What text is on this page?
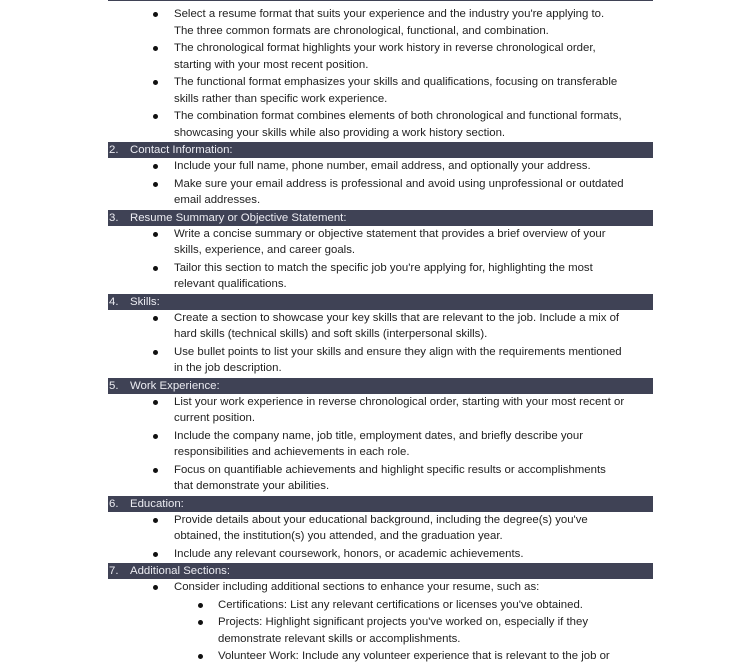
Select a resume format that suits your experience and the industry you're applying to.
The three common formats are chronological, functional, and combination.
The chronological format highlights your work history in reverse chronological order,
starting with your most recent position.
The functional format emphasizes your skills and qualifications, focusing on transferable
skills rather than specific work experience.
The combination format combines elements of both chronological and functional formats,
showcasing your skills while also providing a work history section.
2. Contact Information:
Include your full name, phone number, email address, and optionally your address.
Make sure your email address is professional and avoid using unprofessional or outdated
email addresses.
3. Resume Summary or Objective Statement:
Write a concise summary or objective statement that provides a brief overview of your
skills, experience, and career goals.
Tailor this section to match the specific job you're applying for, highlighting the most
relevant qualifications.
4. Skills:
Create a section to showcase your key skills that are relevant to the job. Include a mix of
hard skills (technical skills) and soft skills (interpersonal skills).
Use bullet points to list your skills and ensure they align with the requirements mentioned
in the job description.
5. Work Experience:
List your work experience in reverse chronological order, starting with your most recent or
current position.
Include the company name, job title, employment dates, and briefly describe your
responsibilities and achievements in each role.
Focus on quantifiable achievements and highlight specific results or accomplishments
that demonstrate your abilities.
6. Education:
Provide details about your educational background, including the degree(s) you've
obtained, the institution(s) you attended, and the graduation year.
Include any relevant coursework, honors, or academic achievements.
7. Additional Sections:
Consider including additional sections to enhance your resume, such as:
Certifications: List any relevant certifications or licenses you've obtained.
Projects: Highlight significant projects you've worked on, especially if they
demonstrate relevant skills or accomplishments.
Volunteer Work: Include any volunteer experience that is relevant to the job or
